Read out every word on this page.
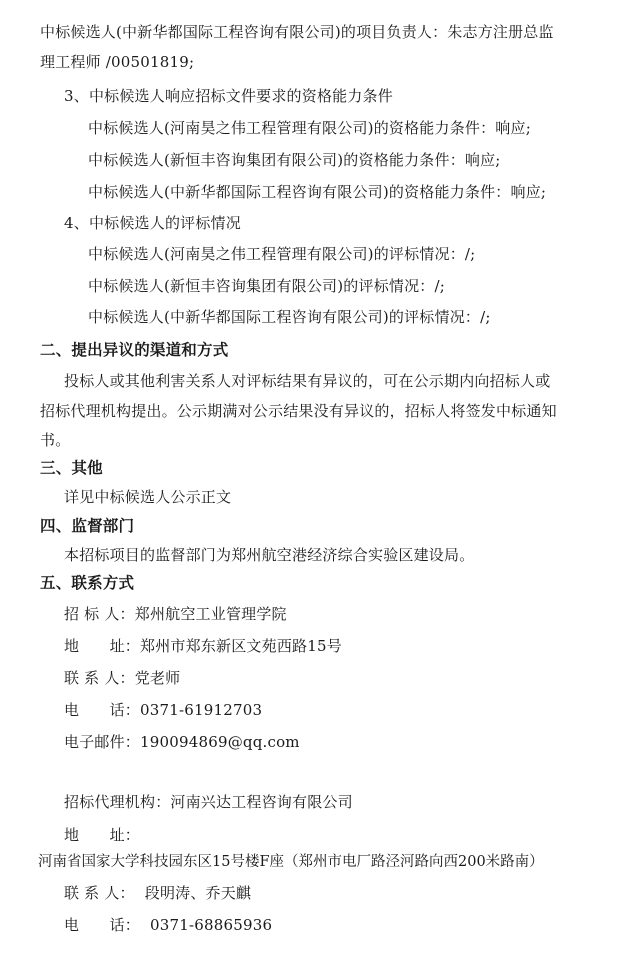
中标候选人(中新华都国际工程咨询有限公司)的项目负责人：朱志方注册总监
理工程师 /00501819;
3、中标候选人响应招标文件要求的资格能力条件
中标候选人(河南昊之伟工程管理有限公司)的资格能力条件：响应;
中标候选人(新恒丰咨询集团有限公司)的资格能力条件：响应;
中标候选人(中新华都国际工程咨询有限公司)的资格能力条件：响应;
4、中标候选人的评标情况
中标候选人(河南昊之伟工程管理有限公司)的评标情况：/;
中标候选人(新恒丰咨询集团有限公司)的评标情况：/;
中标候选人(中新华都国际工程咨询有限公司)的评标情况：/;
二、提出异议的渠道和方式
投标人或其他利害关系人对评标结果有异议的，可在公示期内向招标人或
招标代理机构提出。公示期满对公示结果没有异议的，招标人将签发中标通知
书。
三、其他
详见中标候选人公示正文
四、监督部门
本招标项目的监督部门为郑州航空港经济综合实验区建设局。
五、联系方式
招 标 人：郑州航空工业管理学院
地　　址：郑州市郑东新区文苑西路15号
联 系 人：党老师
电　　话：0371-61912703
电子邮件：190094869@qq.com
招标代理机构：河南兴达工程咨询有限公司
地　　址：
河南省国家大学科技园东区15号楼F座（郑州市电厂路泾河路向西200米路南）
联 系 人： 段明涛、乔天麒
电　　话： 0371-68865936
